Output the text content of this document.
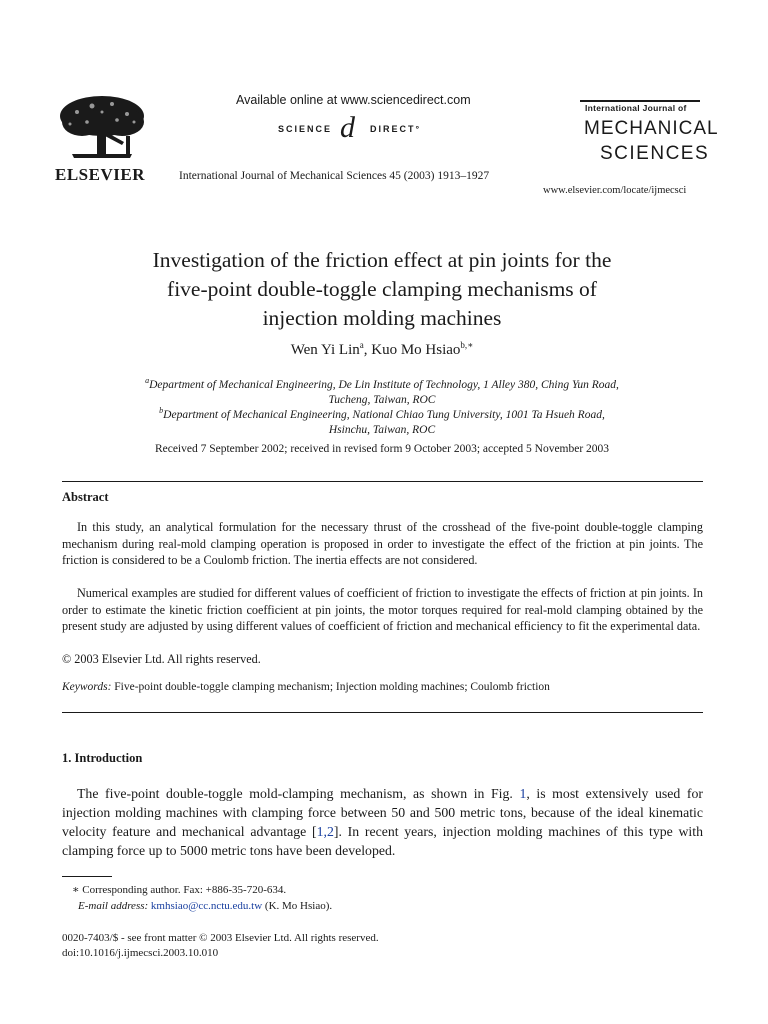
ELSEVIER
Available online at www.sciencedirect.com
SCIENCE d DIRECT°
International Journal of Mechanical Sciences 45 (2003) 1913–1927
International Journal of
MECHANICAL
SCIENCES
www.elsevier.com/locate/ijmecsci
Investigation of the friction effect at pin joints for the
five-point double-toggle clamping mechanisms of
injection molding machines
Wen Yi Lin$^a$, Kuo Mo Hsiao$^{b,∗}$
$^a$Department of Mechanical Engineering, De Lin Institute of Technology, 1 Alley 380, Ching Yun Road,
Tucheng, Taiwan, ROC
$^b$Department of Mechanical Engineering, National Chiao Tung University, 1001 Ta Hsueh Road,
Hsinchu, Taiwan, ROC
Received 7 September 2002; received in revised form 9 October 2003; accepted 5 November 2003
Abstract
In this study, an analytical formulation for the necessary thrust of the crosshead of the five-point double-toggle clamping mechanism during real-mold clamping operation is proposed in order to investigate the effect of the friction at pin joints. The friction is considered to be a Coulomb friction. The inertia effects are not considered.
Numerical examples are studied for different values of coefficient of friction to investigate the effects of friction at pin joints. In order to estimate the kinetic friction coefficient at pin joints, the motor torques required for real-mold clamping obtained by the present study are adjusted by using different values of coefficient of friction and mechanical efficiency to fit the experimental data.
© 2003 Elsevier Ltd. All rights reserved.
Keywords: Five-point double-toggle clamping mechanism; Injection molding machines; Coulomb friction
1. Introduction
The five-point double-toggle mold-clamping mechanism, as shown in Fig. 1, is most extensively used for injection molding machines with clamping force between 50 and 500 metric tons, because of the ideal kinematic velocity feature and mechanical advantage [1,2]. In recent years, injection molding machines of this type with clamping force up to 5000 metric tons have been developed.
∗ Corresponding author. Fax: +886-35-720-634.
E-mail address: kmhsiao@cc.nctu.edu.tw (K. Mo Hsiao).
0020-7403/$ - see front matter © 2003 Elsevier Ltd. All rights reserved.
doi:10.1016/j.ijmecsci.2003.10.010
